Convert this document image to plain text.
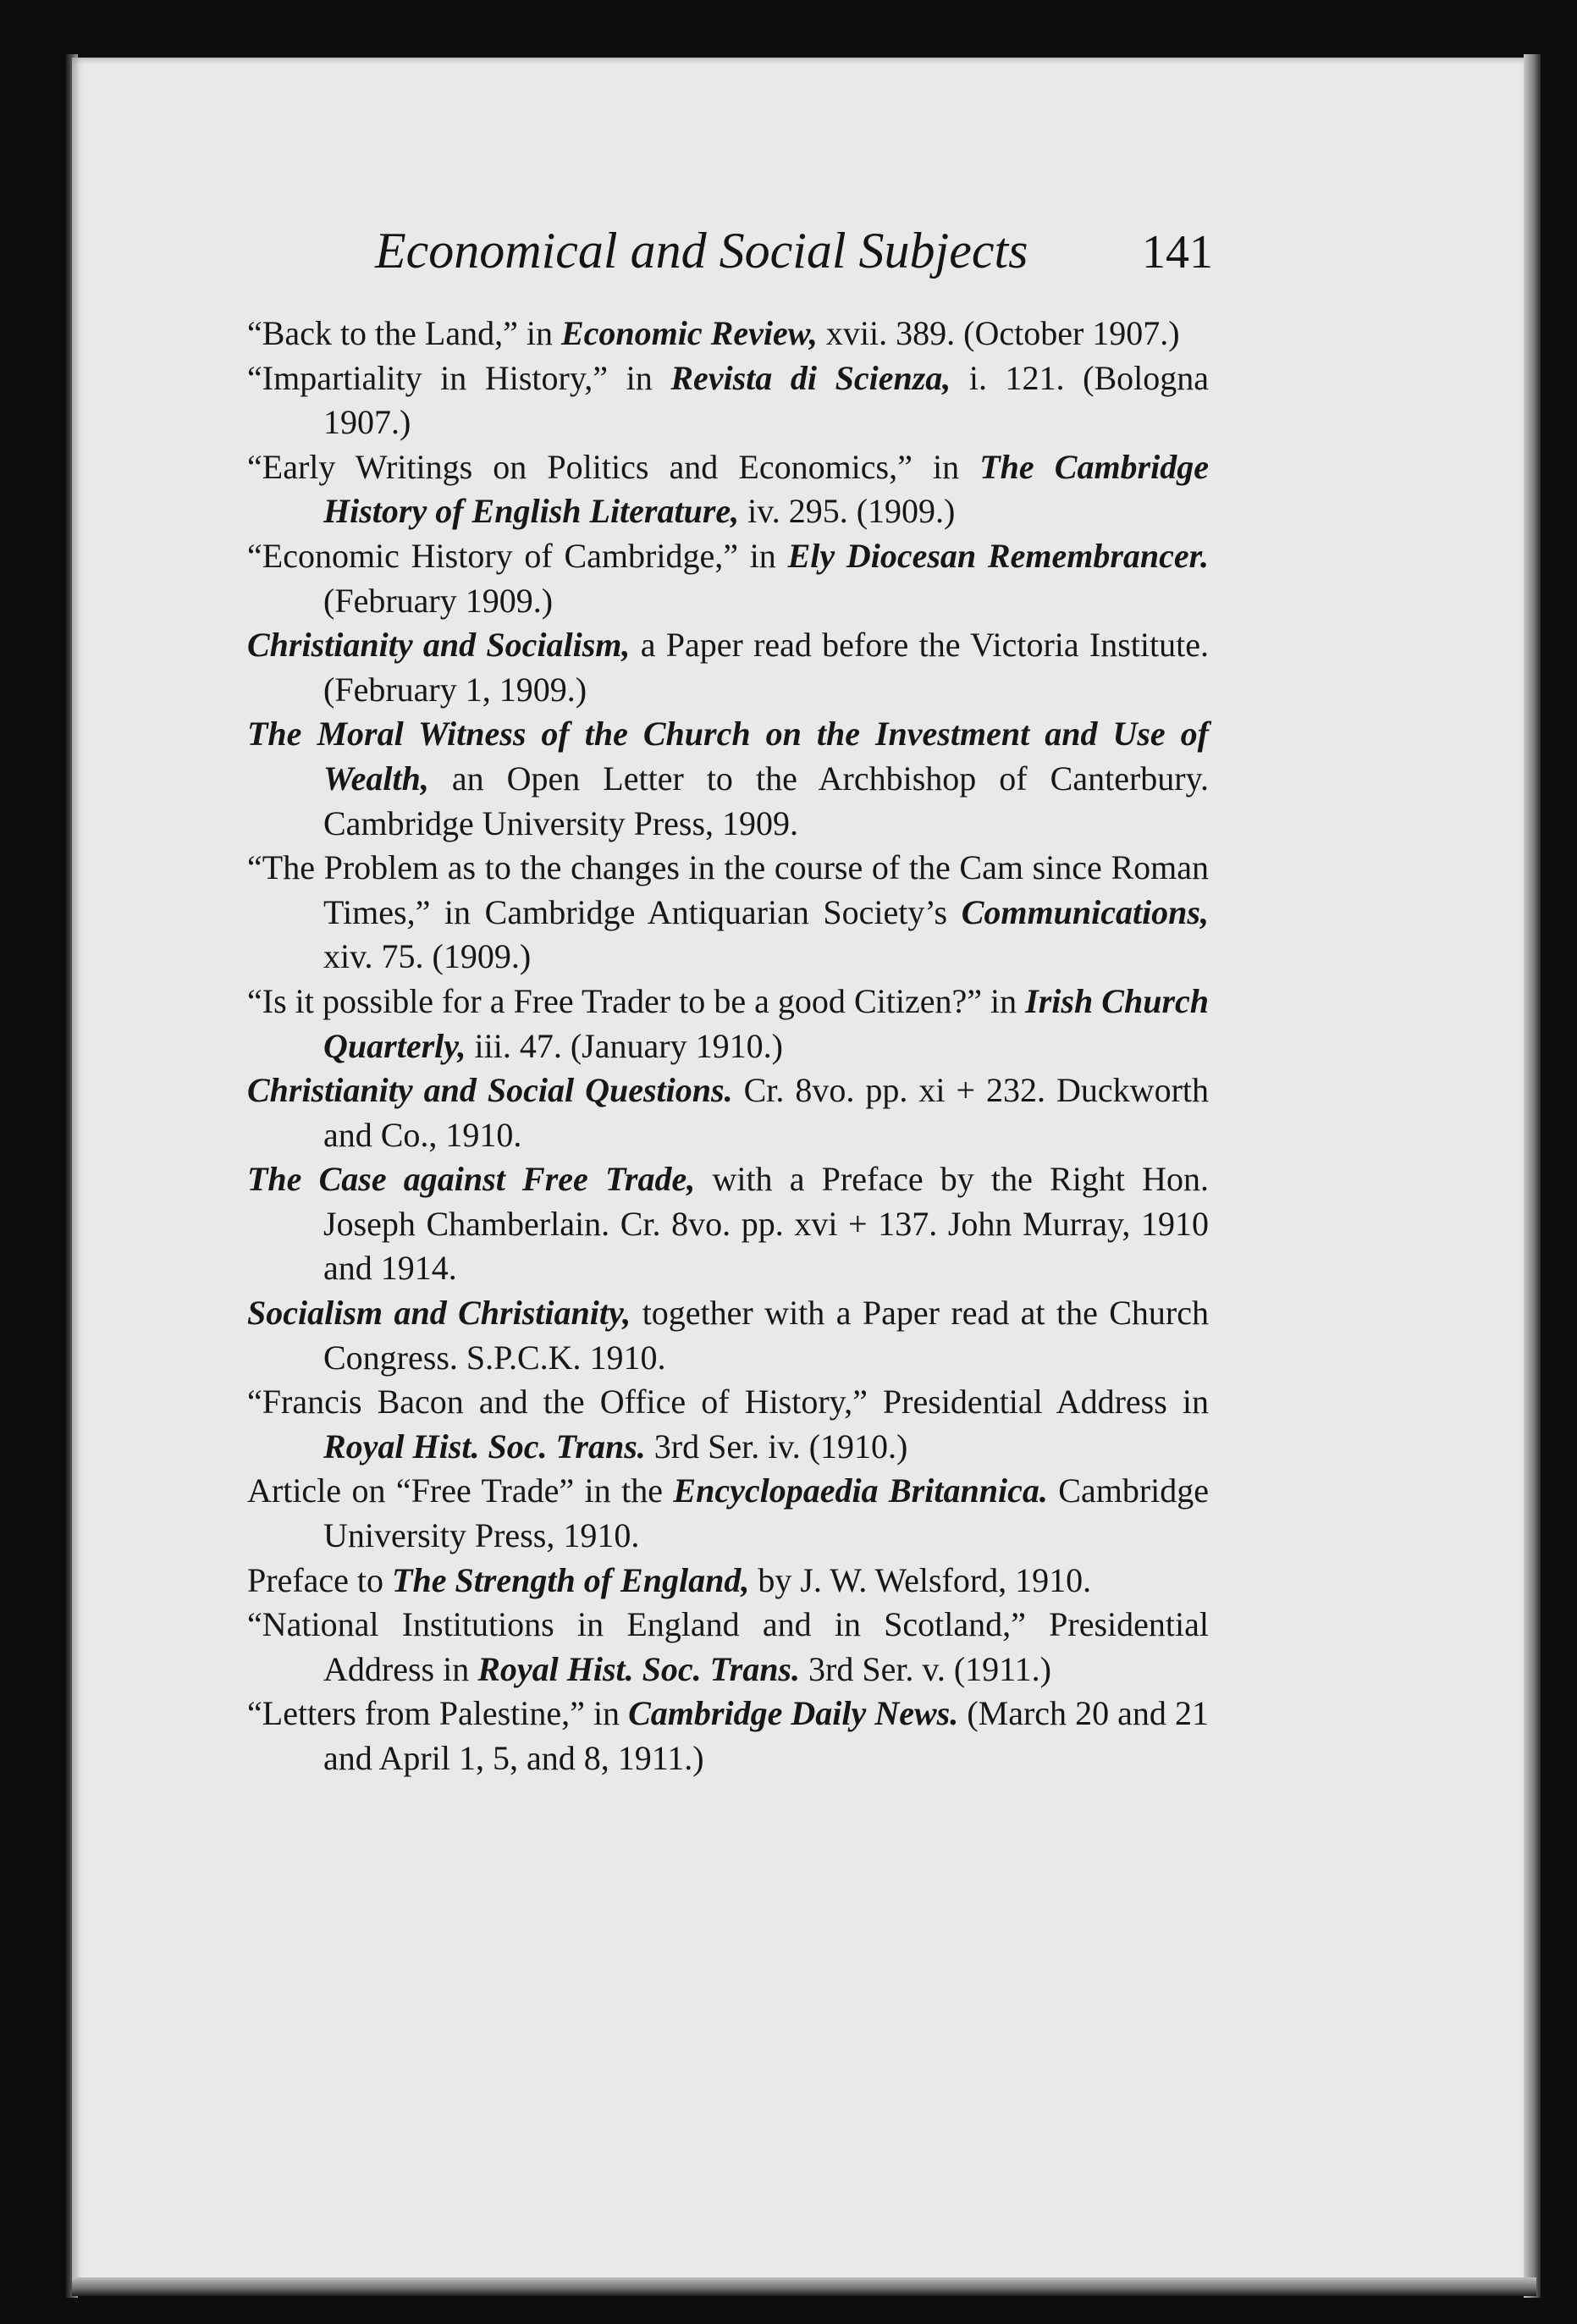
Economical and Social Subjects 141
“Back to the Land,” in Economic Review, xvii. 389. (October 1907.)
“Impartiality in History,” in Revista di Scienza, i. 121. (Bologna 1907.)
“Early Writings on Politics and Economics,” in The Cambridge History of English Literature, iv. 295. (1909.)
“Economic History of Cambridge,” in Ely Diocesan Remembrancer. (February 1909.)
Christianity and Socialism, a Paper read before the Victoria Institute. (February 1, 1909.)
The Moral Witness of the Church on the Investment and Use of Wealth, an Open Letter to the Archbishop of Canterbury. Cambridge University Press, 1909.
“The Problem as to the changes in the course of the Cam since Roman Times,” in Cambridge Antiquarian Society’s Communications, xiv. 75. (1909.)
“Is it possible for a Free Trader to be a good Citizen?” in Irish Church Quarterly, iii. 47. (January 1910.)
Christianity and Social Questions. Cr. 8vo. pp. xi + 232. Duckworth and Co., 1910.
The Case against Free Trade, with a Preface by the Right Hon. Joseph Chamberlain. Cr. 8vo. pp. xvi + 137. John Murray, 1910 and 1914.
Socialism and Christianity, together with a Paper read at the Church Congress. S.P.C.K. 1910.
“Francis Bacon and the Office of History,” Presidential Address in Royal Hist. Soc. Trans. 3rd Ser. iv. (1910.)
Article on “Free Trade” in the Encyclopaedia Britannica. Cambridge University Press, 1910.
Preface to The Strength of England, by J. W. Welsford, 1910.
“National Institutions in England and in Scotland,” Presidential Address in Royal Hist. Soc. Trans. 3rd Ser. v. (1911.)
“Letters from Palestine,” in Cambridge Daily News. (March 20 and 21 and April 1, 5, and 8, 1911.)
